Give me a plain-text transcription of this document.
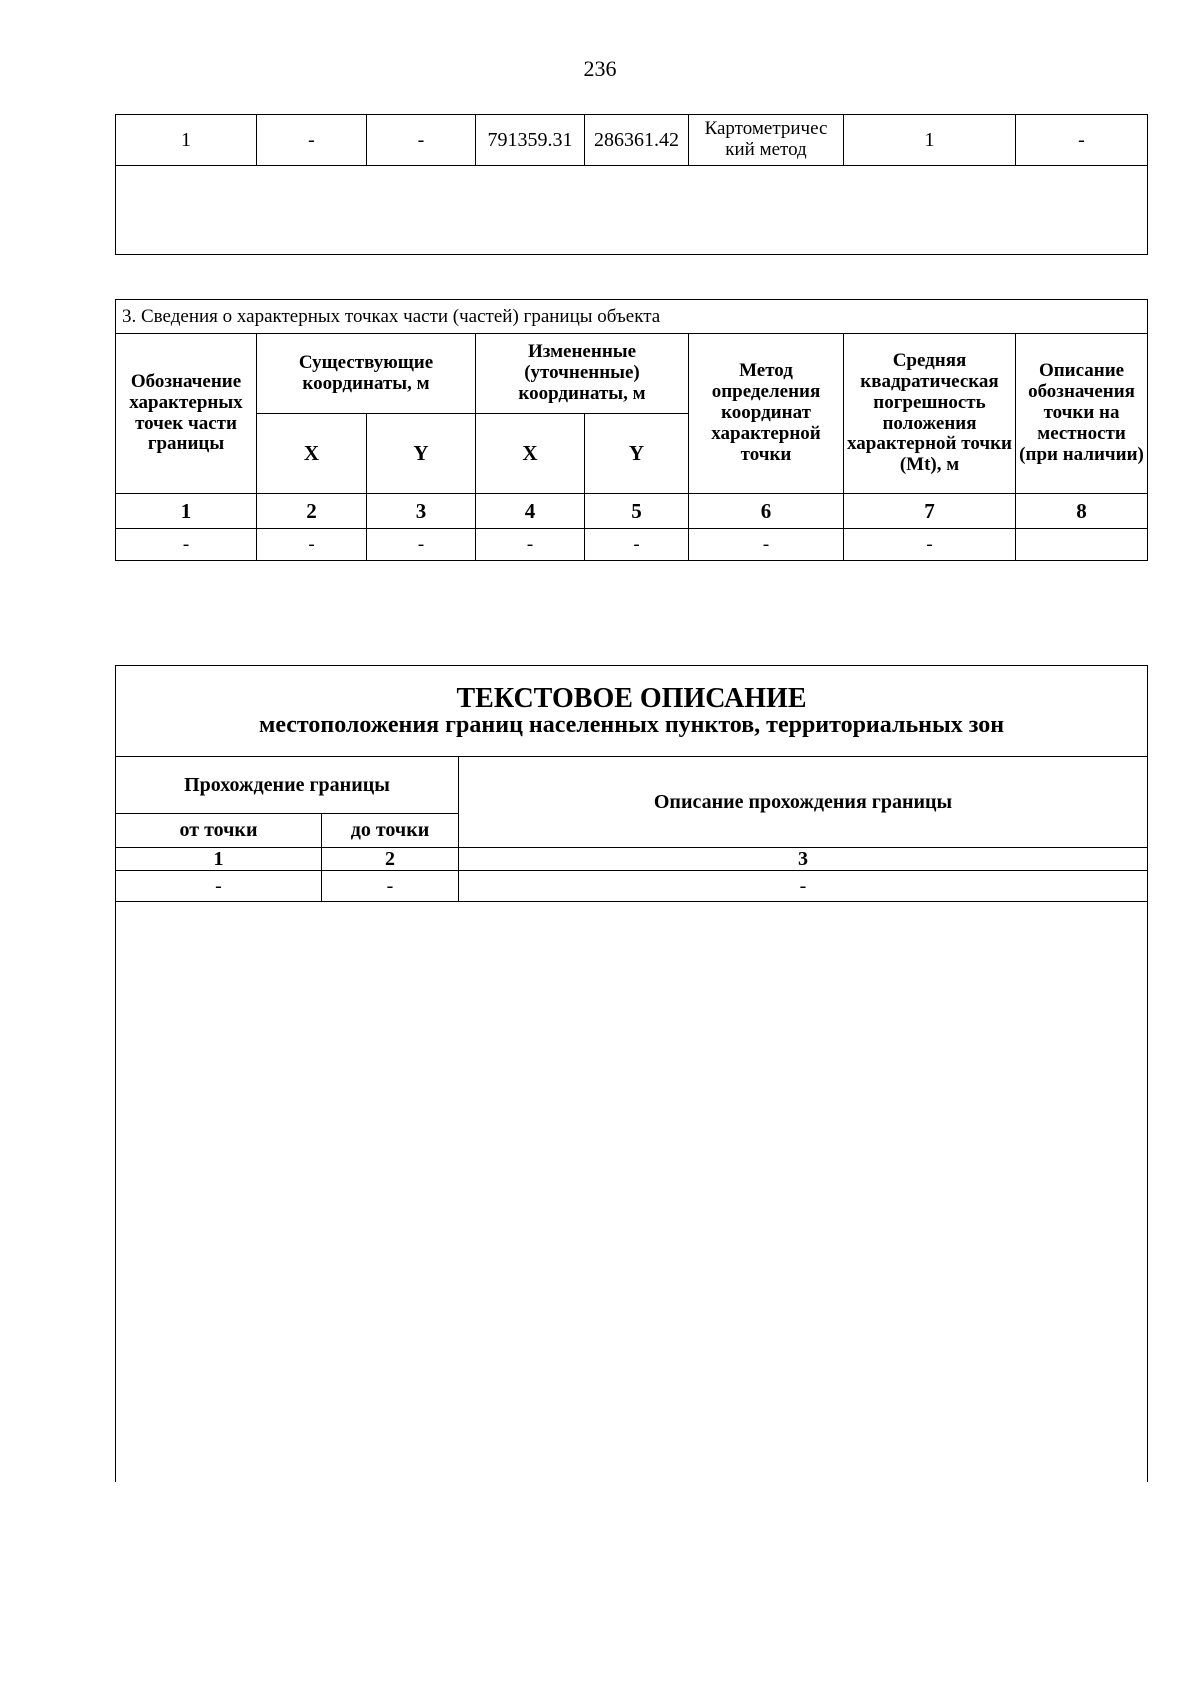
236
1	-	-	791359.31	286361.42	Картометричес кий метод	1	-

3. Сведения о характерных точках части (частей) границы объекта							
Обозначение характерных точек части границы	Существующие координаты, м		Измененные (уточненные) координаты, м		Метод определения координат характерной точки	Средняя квадратическая погрешность положения характерной точки (Mt), м	Описание обозначения точки на местности (при наличии)
	X	Y	X	Y			
1	2	3	4	5	6	7	8
-	-	-	-	-	-	-	
ТЕКСТОВОЕ ОПИСАНИЕ
местоположения границ населенных пунктов, территориальных зон		

Прохождение границы		Описание прохождения границы
от точки	до точки	
1	2	3
-	-	-
